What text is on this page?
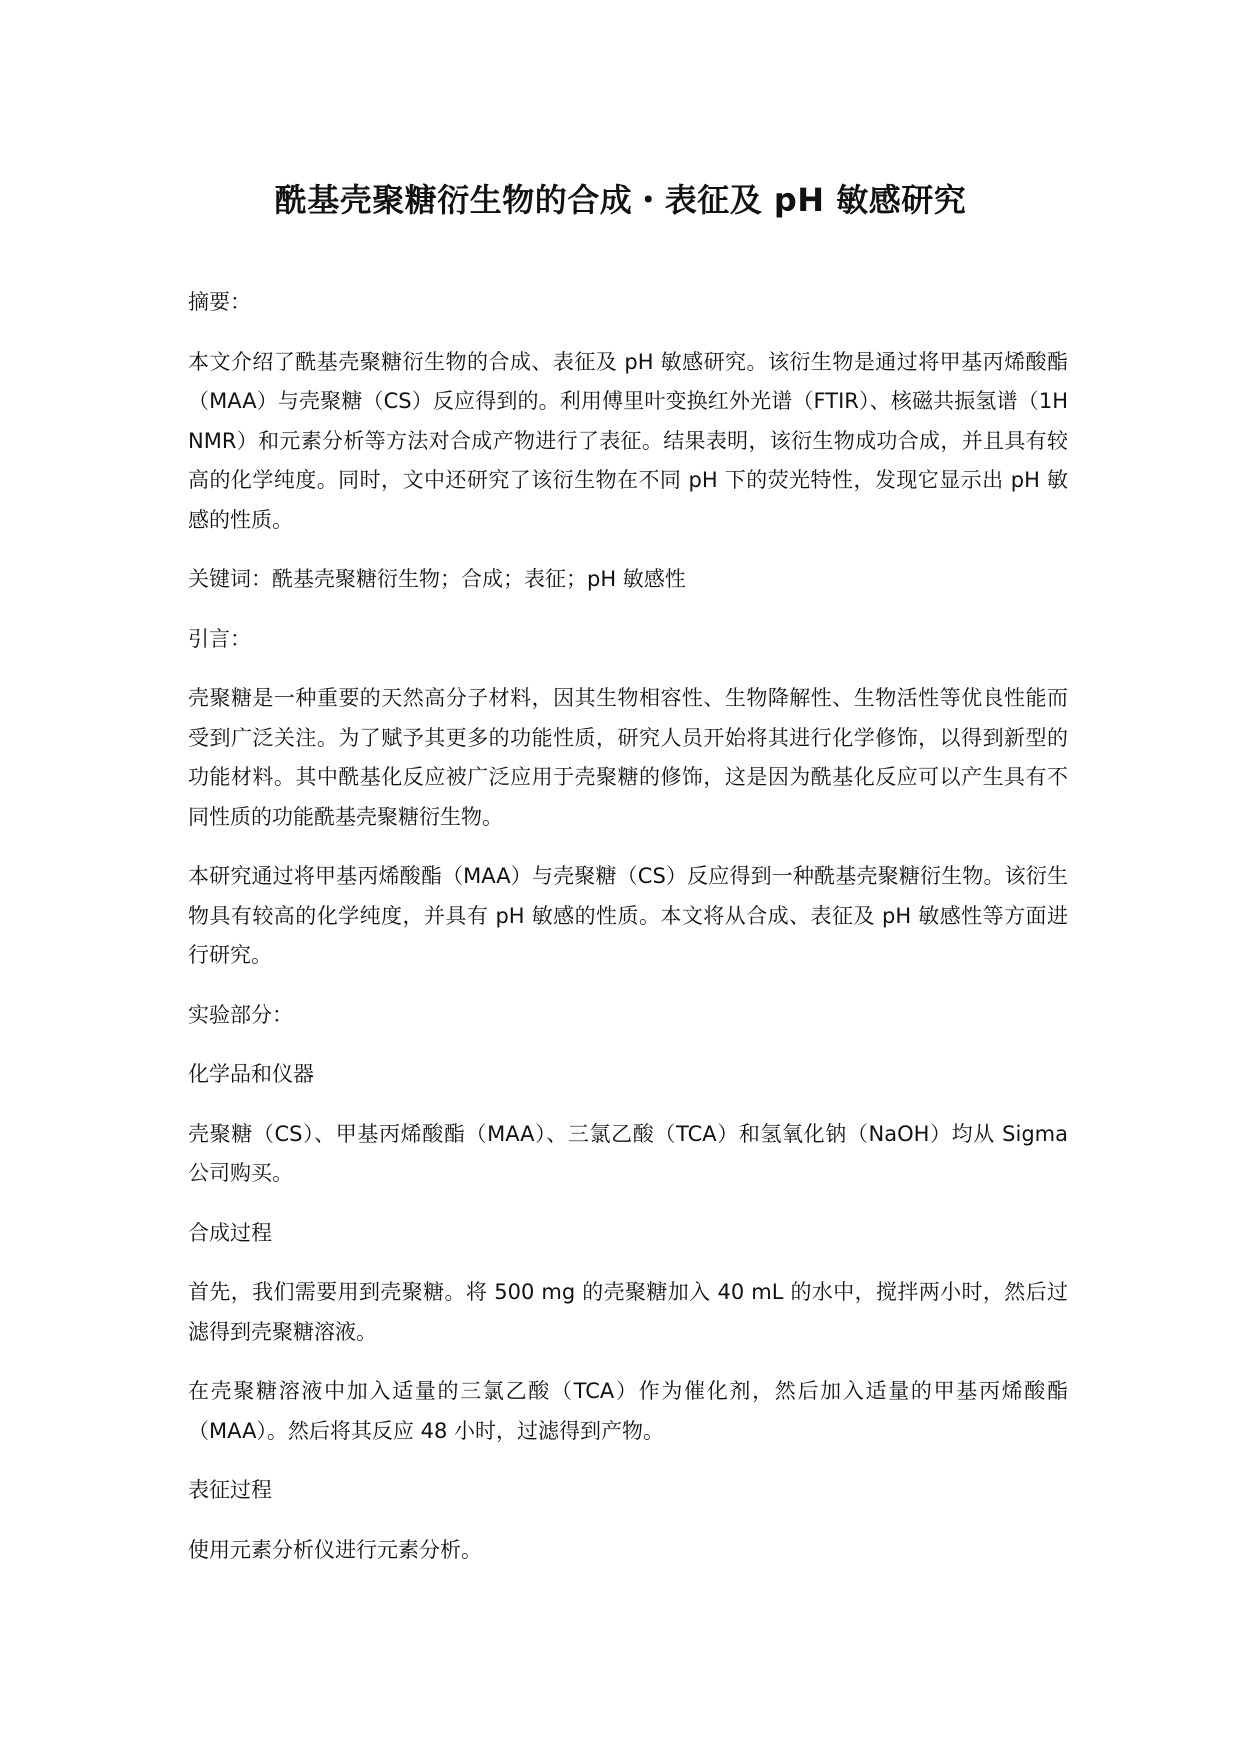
酰基壳聚糖衍生物的合成・表征及 pH 敏感研究

摘要：

本文介绍了酰基壳聚糖衍生物的合成、表征及 pH 敏感研究。该衍生物是通过将甲基丙烯酸酯（MAA）与壳聚糖（CS）反应得到的。利用傅里叶变换红外光谱（FTIR）、核磁共振氢谱（1H NMR）和元素分析等方法对合成产物进行了表征。结果表明，该衍生物成功合成，并且具有较高的化学纯度。同时，文中还研究了该衍生物在不同 pH 下的荧光特性，发现它显示出 pH 敏感的性质。

关键词：酰基壳聚糖衍生物；合成；表征；pH 敏感性

引言：

壳聚糖是一种重要的天然高分子材料，因其生物相容性、生物降解性、生物活性等优良性能而受到广泛关注。为了赋予其更多的功能性质，研究人员开始将其进行化学修饰，以得到新型的功能材料。其中酰基化反应被广泛应用于壳聚糖的修饰，这是因为酰基化反应可以产生具有不同性质的功能酰基壳聚糖衍生物。

本研究通过将甲基丙烯酸酯（MAA）与壳聚糖（CS）反应得到一种酰基壳聚糖衍生物。该衍生物具有较高的化学纯度，并具有 pH 敏感的性质。本文将从合成、表征及 pH 敏感性等方面进行研究。

实验部分：

化学品和仪器

壳聚糖（CS）、甲基丙烯酸酯（MAA）、三氯乙酸（TCA）和氢氧化钠（NaOH）均从 Sigma 公司购买。

合成过程

首先，我们需要用到壳聚糖。将 500 mg 的壳聚糖加入 40 mL 的水中，搅拌两小时，然后过滤得到壳聚糖溶液。

在壳聚糖溶液中加入适量的三氯乙酸（TCA）作为催化剂，然后加入适量的甲基丙烯酸酯（MAA）。然后将其反应 48 小时，过滤得到产物。

表征过程

使用元素分析仪进行元素分析。
